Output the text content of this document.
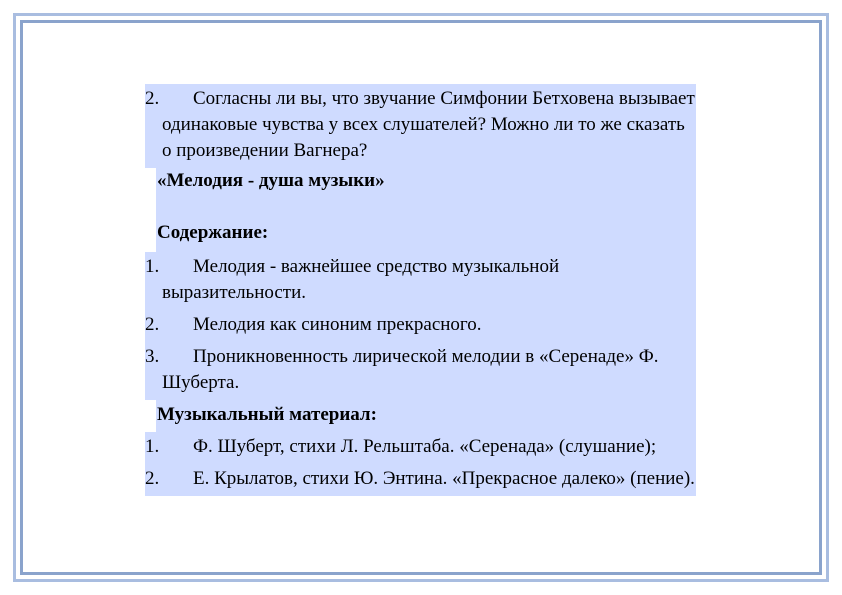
2.	Согласны ли вы, что звучание Симфонии Бетховена вызывает одинаковые чувства у всех слушателей? Можно ли то же сказать о произведении Вагнера?
«Мелодия - душа музыки»
Содержание:
1.	Мелодия - важнейшее средство музыкальной выразительности.
2.	Мелодия как синоним прекрасного.
3.	Проникновенность лирической мелодии в «Серенаде» Ф. Шуберта.
Музыкальный материал:
1.	Ф. Шуберт, стихи Л. Рельштаба. «Серенада» (слушание);
2.	Е. Крылатов, стихи Ю. Энтина. «Прекрасное далеко» (пение).
